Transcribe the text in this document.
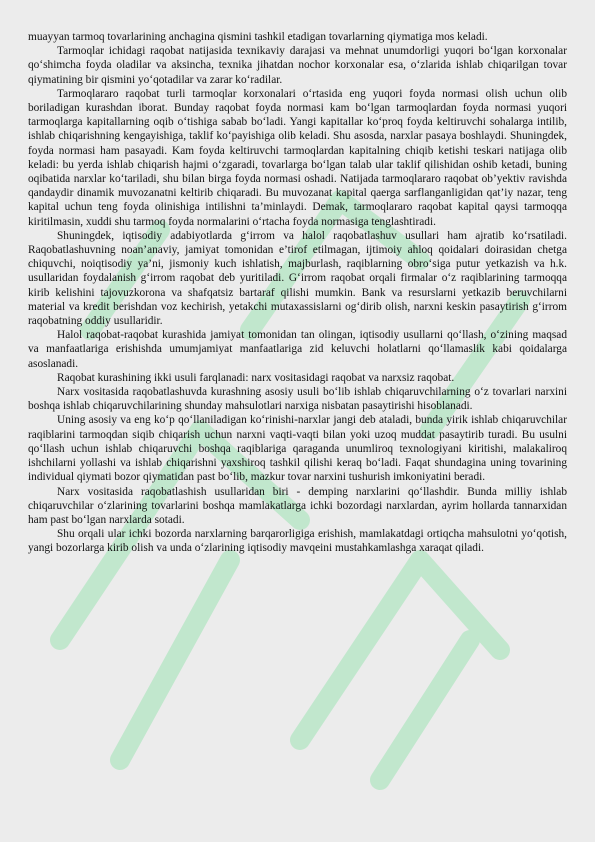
muayyan tarmoq tovarlarining anchagina qismini tashkil etadigan tovarlarning qiymatiga mos keladi.

Tarmoqlar ichidagi raqobat natijasida texnikaviy darajasi va mehnat unumdorligi yuqori bo‘lgan korxonalar qo‘shimcha foyda oladilar va aksincha, texnika jihatdan nochor korxonalar esa, o‘zlarida ishlab chiqarilgan tovar qiymatining bir qismini yo‘qotadilar va zarar ko‘radilar.

Tarmoqlararo raqobat turli tarmoqlar korxonalari o‘rtasida eng yuqori foyda normasi olish uchun olib boriladigan kurashdan iborat. Bunday raqobat foyda normasi kam bo‘lgan tarmoqlardan foyda normasi yuqori tarmoqlarga kapitallarning oqib o‘tishiga sabab bo‘ladi. Yangi kapitallar ko‘proq foyda keltiruvchi sohalarga intilib, ishlab chiqarishning kengayishiga, taklif ko‘payishiga olib keladi. Shu asosda, narxlar pasaya boshlaydi. Shuningdek, foyda normasi ham pasayadi. Kam foyda keltiruvchi tarmoqlardan kapitalning chiqib ketishi teskari natijaga olib keladi: bu yerda ishlab chiqarish hajmi o‘zgaradi, tovarlarga bo‘lgan talab ular taklif qilishidan oshib ketadi, buning oqibatida narxlar ko‘tariladi, shu bilan birga foyda normasi oshadi. Natijada tarmoqlararo raqobat ob’yektiv ravishda qandaydir dinamik muvozanatni keltirib chiqaradi. Bu muvozanat kapital qaerga sarflanganligidan qat’iy nazar, teng kapital uchun teng foyda olinishiga intilishni ta’minlaydi. Demak, tarmoqlararo raqobat kapital qaysi tarmoqqa kiritilmasin, xuddi shu tarmoq foyda normalarini o‘rtacha foyda normasiga tenglashtiradi.

Shuningdek, iqtisodiy adabiyotlarda g‘irrom va halol raqobatlashuv usullari ham ajratib ko‘rsatiladi. Raqobatlashuvning noan’anaviy, jamiyat tomonidan e’tirof etilmagan, ijtimoiy ahloq qoidalari doirasidan chetga chiquvchi, noiqtisodiy ya’ni, jismoniy kuch ishlatish, majburlash, raqiblarning obro‘siga putur yetkazish va h.k. usullaridan foydalanish g‘irrom raqobat deb yuritiladi. G‘irrom raqobat orqali firmalar o‘z raqiblarining tarmoqqa kirib kelishini tajovuzkorona va shafqatsiz bartaraf qilishi mumkin. Bank va resurslarni yetkazib beruvchilarni material va kredit berishdan voz kechirish, yetakchi mutaxassislarni og‘dirib olish, narxni keskin pasaytirish g‘irrom raqobatning oddiy usullaridir.

Halol raqobat-raqobat kurashida jamiyat tomonidan tan olingan, iqtisodiy usullarni qo‘llash, o‘zining maqsad va manfaatlariga erishishda umumjamiyat manfaatlariga zid keluvchi holatlarni qo‘llamaslik kabi qoidalarga asoslanadi.

Raqobat kurashining ikki usuli farqlanadi: narx vositasidagi raqobat va narxsiz raqobat.

Narx vositasida raqobatlashuvda kurashning asosiy usuli bo‘lib ishlab chiqaruvchilarning o‘z tovarlari narxini boshqa ishlab chiqaruvchilarining shunday mahsulotlari narxiga nisbatan pasaytirishi hisoblanadi.

Uning asosiy va eng ko‘p qo‘llaniladigan ko‘rinishi-narxlar jangi deb ataladi, bunda yirik ishlab chiqaruvchilar raqiblarini tarmoqdan siqib chiqarish uchun narxni vaqti-vaqti bilan yoki uzoq muddat pasaytirib turadi. Bu usulni qo‘llash uchun ishlab chiqaruvchi boshqa raqiblariga qaraganda unumliroq texnologiyani kiritishi, malakaliroq ishchilarni yollashi va ishlab chiqarishni yaxshiroq tashkil qilishi keraq bo‘ladi. Faqat shundagina uning tovarining individual qiymati bozor qiymatidan past bo‘lib, mazkur tovar narxini tushurish imkoniyatini beradi.

Narx vositasida raqobatlashish usullaridan biri - demping narxlarini qo‘llashdir. Bunda milliy ishlab chiqaruvchilar o‘zlarining tovarlarini boshqa mamlakatlarga ichki bozordagi narxlardan, ayrim hollarda tannarxidan ham past bo‘lgan narxlarda sotadi.

Shu orqali ular ichki bozorda narxlarning barqarorligiga erishish, mamlakatdagi ortiqcha mahsulotni yo‘qotish, yangi bozorlarga kirib olish va unda o‘zlarining iqtisodiy mavqeini mustahkamlashga xaraqat qiladi.
